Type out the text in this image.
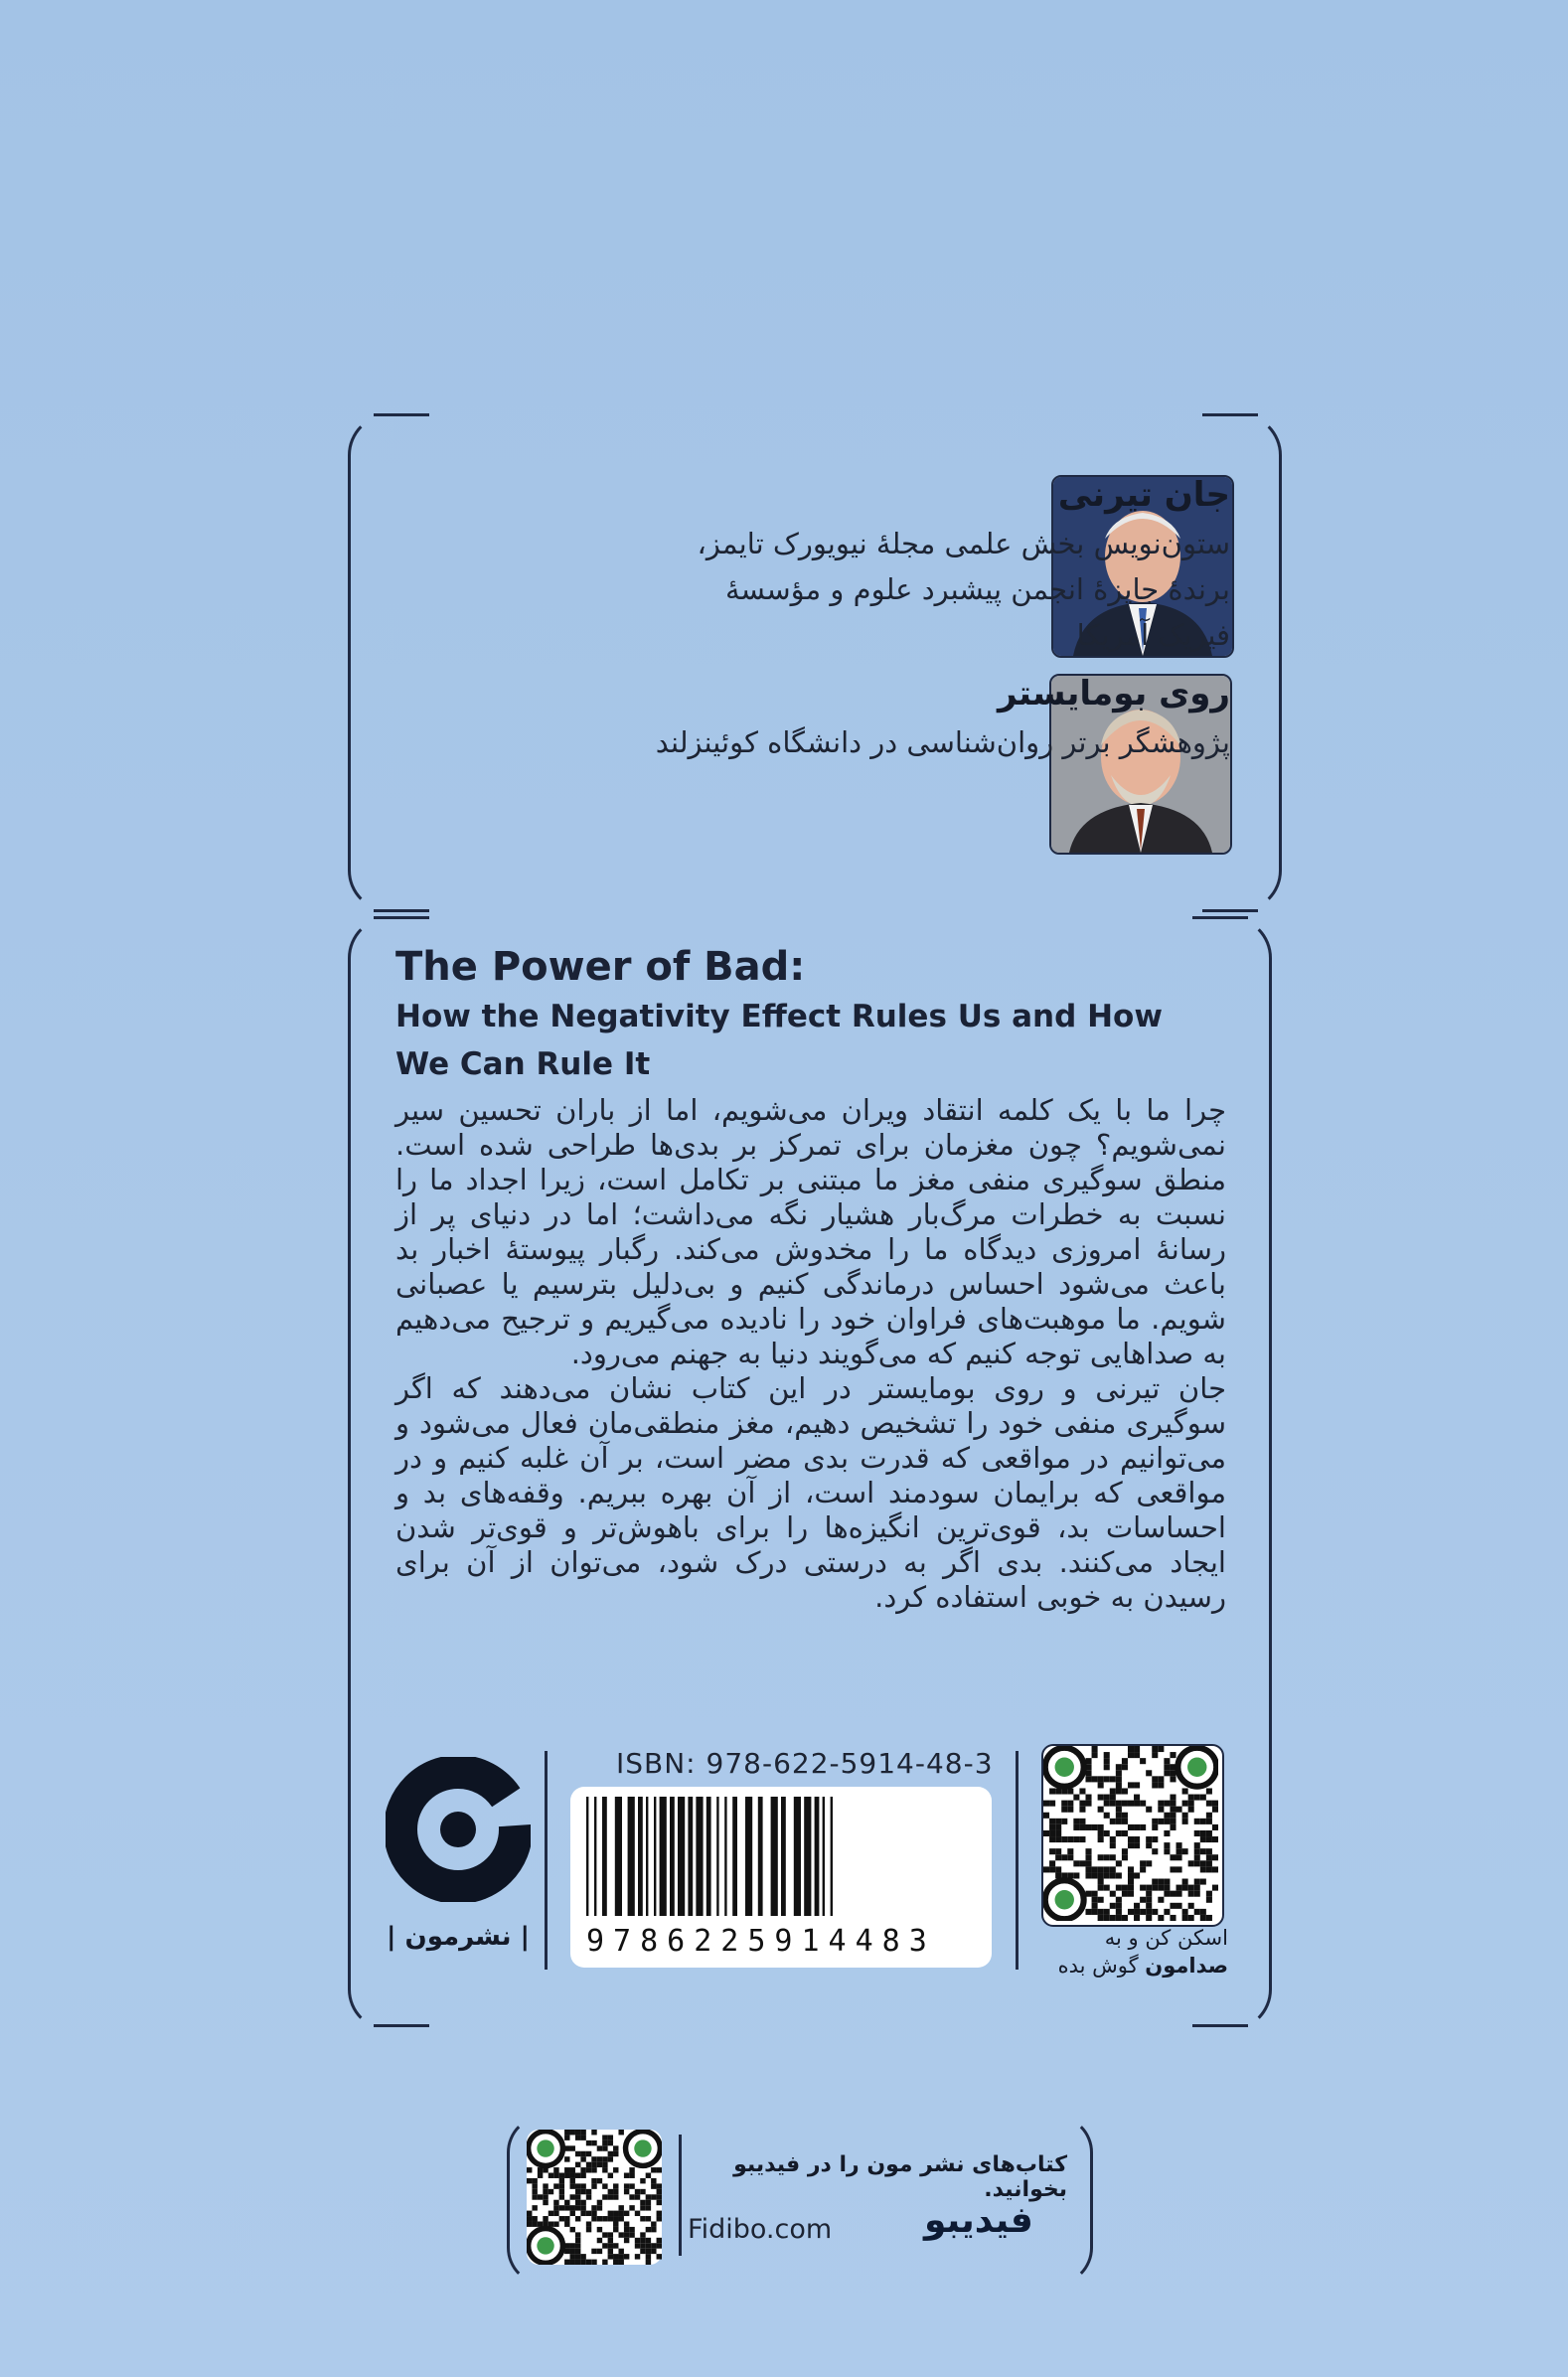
جان تیرنی
ستون‌نویس بخش علمی مجلهٔ نیویورک تایمز،
برندهٔ جایزهٔ انجمن پیشبرد علوم و مؤسسهٔ
فیزیک آمریکا
روی بومایستر
پژوهشگر برتر روان‌شناسی در دانشگاه کوئینزلند
The Power of Bad:
How the Negativity Effect Rules Us and How
We Can Rule It

چرا ما با یک کلمه انتقاد ویران می‌شویم، اما از باران تحسین سیر نمی‌شویم؟ چون مغزمان برای تمرکز بر بدی‌ها طراحی شده است. منطق سوگیری منفی مغز ما مبتنی بر تکامل است، زیرا اجداد ما را نسبت به خطرات مرگ‌بار هشیار نگه می‌داشت؛ اما در دنیای پر از رسانهٔ امروزی دیدگاه ما را مخدوش می‌کند. رگبار پیوستهٔ اخبار بد باعث می‌شود احساس درماندگی کنیم و بی‌دلیل بترسیم یا عصبانی شویم. ما موهبت‌های فراوان خود را نادیده می‌گیریم و ترجیح می‌دهیم به صداهایی توجه کنیم که می‌گویند دنیا به جهنم می‌رود.

جان تیرنی و روی بومایستر در این کتاب نشان می‌دهند که اگر سوگیری منفی خود را تشخیص دهیم، مغز منطقی‌مان فعال می‌شود و می‌توانیم در مواقعی که قدرت بدی مضر است، بر آن غلبه کنیم و در مواقعی که برایمان سودمند است، از آن بهره ببریم. وقفه‌های بد و احساسات بد، قوی‌ترین انگیزه‌ها را برای باهوش‌تر و قوی‌تر شدن ایجاد می‌کنند. بدی اگر به درستی درک شود، می‌توان از آن برای رسیدن به خوبی استفاده کرد.

| نشرمون |
ISBN: 978-622-5914-48-3
9786225914483	اسکن کن و به
صدامون گوش بده
کتاب‌های نشر مون را در فیدیبو بخوانید.
Fidibo.com	فیدیبو
